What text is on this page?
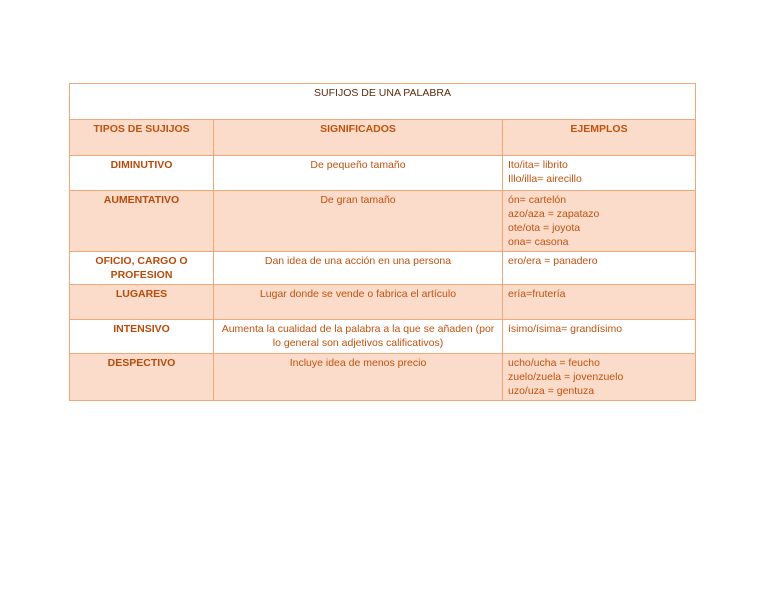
SUFIJOS DE UNA PALABRA		
TIPOS DE SUJIJOS	SIGNIFICADOS	EJEMPLOS
DIMINUTIVO	De pequeño tamaño	Ito/ita= librito
Illo/illa= airecillo

AUMENTATIVO	De gran tamaño	ón= cartelón
azo/aza = zapatazo
ote/ota = joyota
ona= casona

OFICIO, CARGO O
PROFESION	Dan idea de una acción en una persona	ero/era = panadero

LUGARES	Lugar donde se vende o fabrica el artículo	ería=frutería

INTENSIVO	Aumenta la cualidad de la palabra a la que se añaden (por
lo general son adjetivos calificativos)	ísimo/ísima= grandísimo

DESPECTIVO	Incluye idea de menos precio	ucho/ucha = feucho
zuelo/zuela = jovenzuelo
uzo/uza = gentuza
